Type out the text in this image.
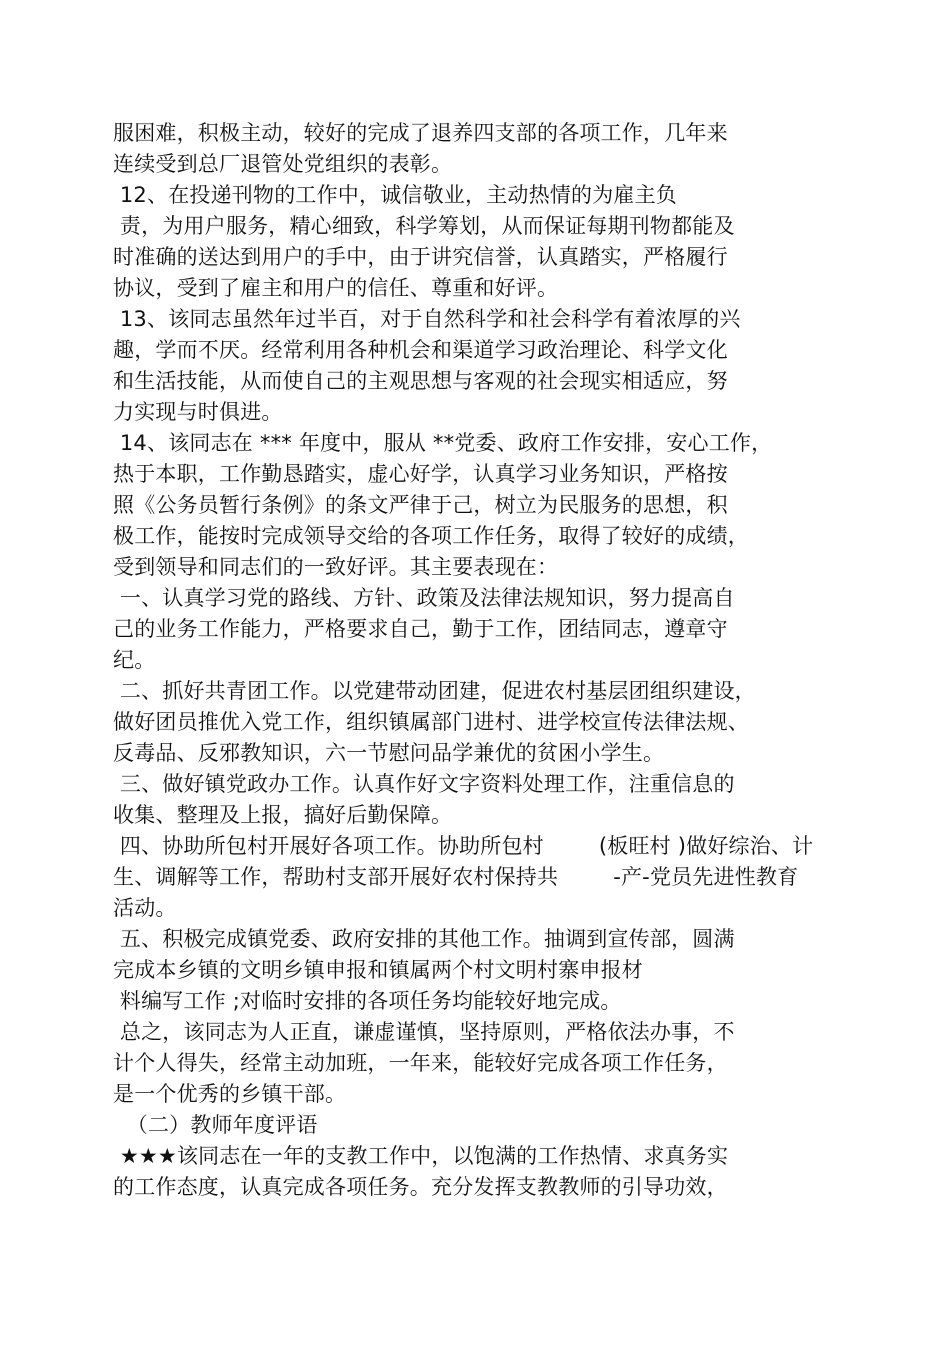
服困难，积极主动，较好的完成了退养四支部的各项工作，几年来
连续受到总厂退管处党组织的表彰。
12、在投递刊物的工作中，诚信敬业，主动热情的为雇主负
责，为用户服务，精心细致，科学筹划，从而保证每期刊物都能及
时准确的送达到用户的手中，由于讲究信誉，认真踏实，严格履行
协议，受到了雇主和用户的信任、尊重和好评。
13、该同志虽然年过半百，对于自然科学和社会科学有着浓厚的兴
趣，学而不厌。经常利用各种机会和渠道学习政治理论、科学文化
和生活技能，从而使自己的主观思想与客观的社会现实相适应，努
力实现与时俱进。
14、该同志在 *** 年度中，服从 **党委、政府工作安排，安心工作，
热于本职，工作勤恳踏实，虚心好学，认真学习业务知识，严格按
照《公务员暂行条例》的条文严律于己，树立为民服务的思想，积
极工作，能按时完成领导交给的各项工作任务，取得了较好的成绩，
受到领导和同志们的一致好评。其主要表现在：
一、认真学习党的路线、方针、政策及法律法规知识，努力提高自
己的业务工作能力，严格要求自己，勤于工作，团结同志，遵章守
纪。
二、抓好共青团工作。以党建带动团建，促进农村基层团组织建设，
做好团员推优入党工作，组织镇属部门进村、进学校宣传法律法规、
反毒品、反邪教知识，六一节慰问品学兼优的贫困小学生。
三、做好镇党政办工作。认真作好文字资料处理工作，注重信息的
收集、整理及上报，搞好后勤保障。
四、协助所包村开展好各项工作。协助所包村        (板旺村 )做好综治、计
生、调解等工作，帮助村支部开展好农村保持共        -产-党员先进性教育
活动。
五、积极完成镇党委、政府安排的其他工作。抽调到宣传部，圆满
完成本乡镇的文明乡镇申报和镇属两个村文明村寨申报材
料编写工作 ;对临时安排的各项任务均能较好地完成。
总之，该同志为人正直，谦虚谨慎，坚持原则，严格依法办事，不
计个人得失，经常主动加班，一年来，能较好完成各项工作任务，
是一个优秀的乡镇干部。
（二）教师年度评语
★★★该同志在一年的支教工作中，以饱满的工作热情、求真务实
的工作态度，认真完成各项任务。充分发挥支教教师的引导功效，
